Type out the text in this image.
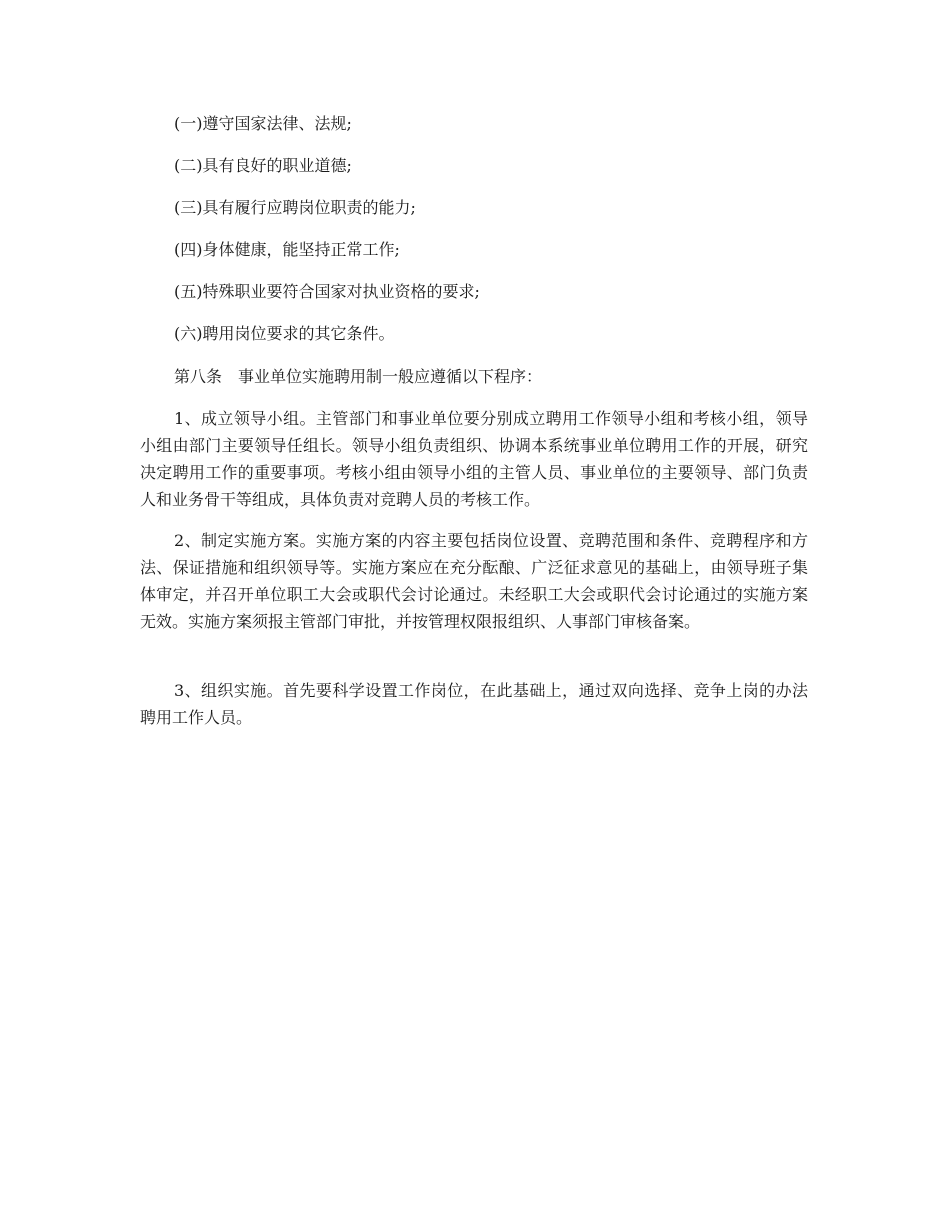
(一)遵守国家法律、法规;

(二)具有良好的职业道德;

(三)具有履行应聘岗位职责的能力;

(四)身体健康，能坚持正常工作;

(五)特殊职业要符合国家对执业资格的要求;

(六)聘用岗位要求的其它条件。

第八条　事业单位实施聘用制一般应遵循以下程序：

1、成立领导小组。主管部门和事业单位要分别成立聘用工作领导小组和考核小组，领导小组由部门主要领导任组长。领导小组负责组织、协调本系统事业单位聘用工作的开展，研究决定聘用工作的重要事项。考核小组由领导小组的主管人员、事业单位的主要领导、部门负责人和业务骨干等组成，具体负责对竞聘人员的考核工作。

2、制定实施方案。实施方案的内容主要包括岗位设置、竞聘范围和条件、竞聘程序和方法、保证措施和组织领导等。实施方案应在充分酝酿、广泛征求意见的基础上，由领导班子集体审定，并召开单位职工大会或职代会讨论通过。未经职工大会或职代会讨论通过的实施方案无效。实施方案须报主管部门审批，并按管理权限报组织、人事部门审核备案。

3、组织实施。首先要科学设置工作岗位，在此基础上，通过双向选择、竞争上岗的办法聘用工作人员。
